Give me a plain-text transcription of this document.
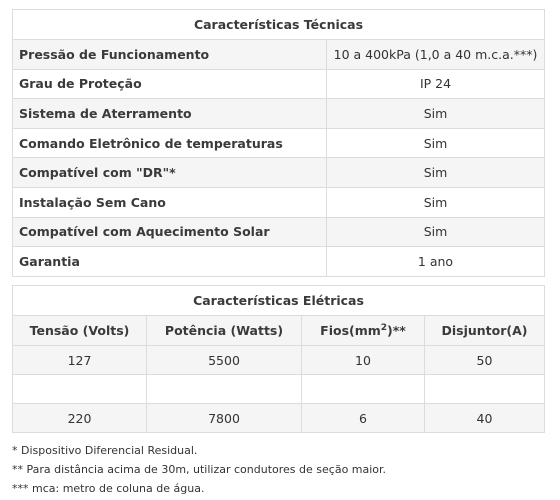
Características Técnicas	
Pressão de Funcionamento	10 a 400kPa (1,0 a 40 m.c.a.***)
Grau de Proteção	IP 24
Sistema de Aterramento	Sim
Comando Eletrônico de temperaturas	Sim
Compatível com "DR"*	Sim
Instalação Sem Cano	Sim
Compatível com Aquecimento Solar	Sim
Garantia	1 ano
Características Elétricas			
Tensão (Volts)	Potência (Watts)	$Fios(mm^2)**$	Disjuntor(A)
127	5500	10	50

220	7800	6	40
* Dispositivo Diferencial Residual.
** Para distância acima de 30m, utilizar condutores de seção maior.
*** mca: metro de coluna de água.
